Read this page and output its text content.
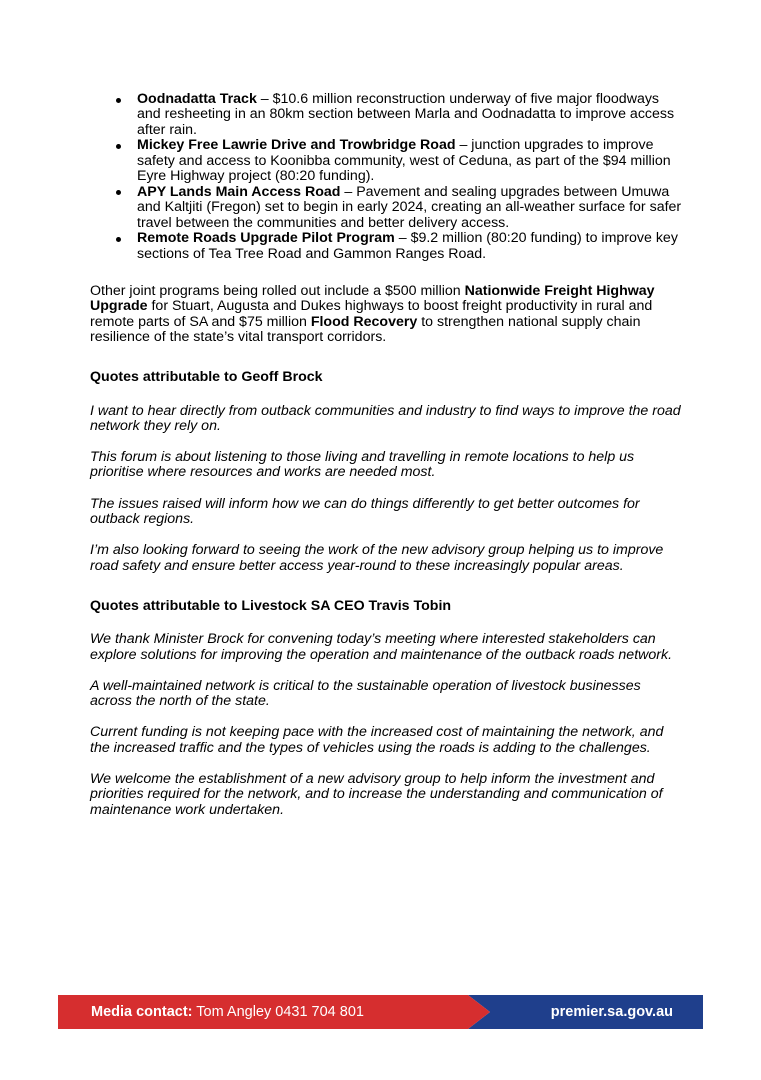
Oodnadatta Track – $10.6 million reconstruction underway of five major floodways and resheeting in an 80km section between Marla and Oodnadatta to improve access after rain.
Mickey Free Lawrie Drive and Trowbridge Road – junction upgrades to improve safety and access to Koonibba community, west of Ceduna, as part of the $94 million Eyre Highway project (80:20 funding).
APY Lands Main Access Road – Pavement and sealing upgrades between Umuwa and Kaltjiti (Fregon) set to begin in early 2024, creating an all-weather surface for safer travel between the communities and better delivery access.
Remote Roads Upgrade Pilot Program – $9.2 million (80:20 funding) to improve key sections of Tea Tree Road and Gammon Ranges Road.

Other joint programs being rolled out include a $500 million Nationwide Freight Highway Upgrade for Stuart, Augusta and Dukes highways to boost freight productivity in rural and remote parts of SA and $75 million Flood Recovery to strengthen national supply chain resilience of the state’s vital transport corridors.

Quotes attributable to Geoff Brock

I want to hear directly from outback communities and industry to find ways to improve the road network they rely on.

This forum is about listening to those living and travelling in remote locations to help us prioritise where resources and works are needed most.

The issues raised will inform how we can do things differently to get better outcomes for outback regions.

I’m also looking forward to seeing the work of the new advisory group helping us to improve road safety and ensure better access year-round to these increasingly popular areas.

Quotes attributable to Livestock SA CEO Travis Tobin

We thank Minister Brock for convening today’s meeting where interested stakeholders can explore solutions for improving the operation and maintenance of the outback roads network.

A well-maintained network is critical to the sustainable operation of livestock businesses across the north of the state.

Current funding is not keeping pace with the increased cost of maintaining the network, and the increased traffic and the types of vehicles using the roads is adding to the challenges.

We welcome the establishment of a new advisory group to help inform the investment and priorities required for the network, and to increase the understanding and communication of maintenance work undertaken.

Media contact: Tom Angley 0431 704 801	premier.sa.gov.au
